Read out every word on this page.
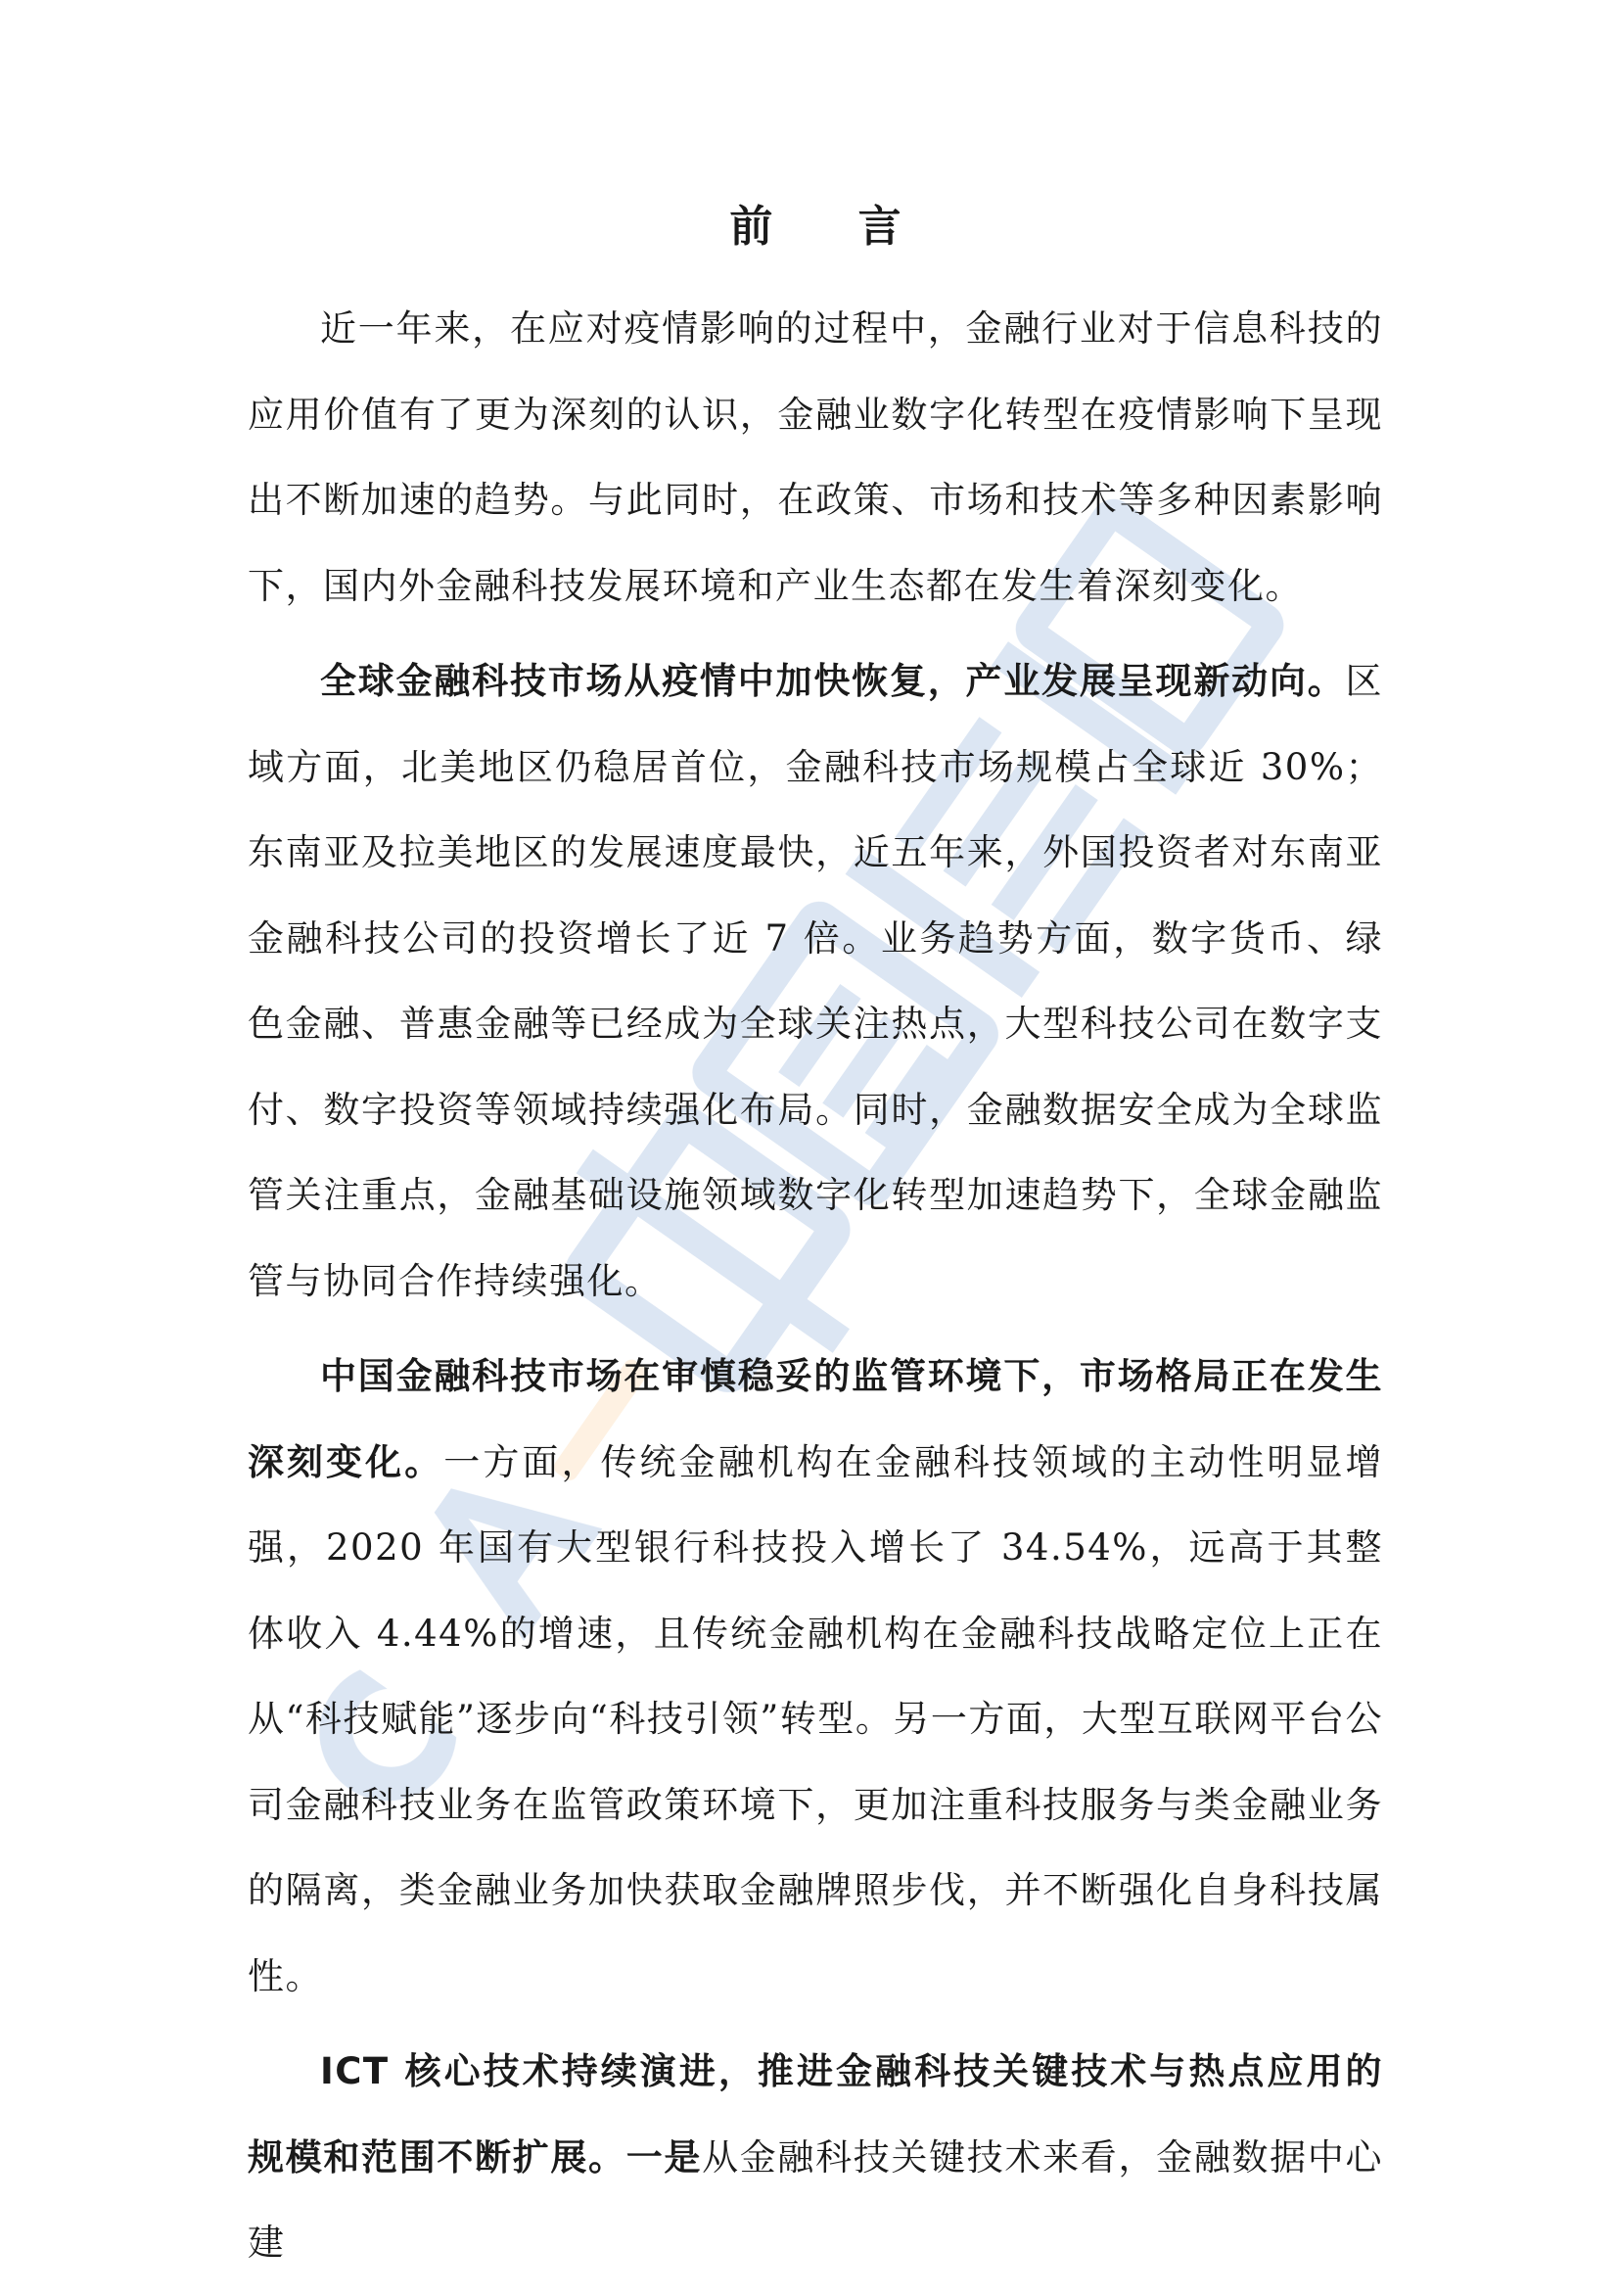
前 言

近一年来，在应对疫情影响的过程中，金融行业对于信息科技的应用价值有了更为深刻的认识，金融业数字化转型在疫情影响下呈现出不断加速的趋势。与此同时，在政策、市场和技术等多种因素影响下，国内外金融科技发展环境和产业生态都在发生着深刻变化。

全球金融科技市场从疫情中加快恢复，产业发展呈现新动向。区域方面，北美地区仍稳居首位，金融科技市场规模占全球近 30%；东南亚及拉美地区的发展速度最快，近五年来，外国投资者对东南亚金融科技公司的投资增长了近 7 倍。业务趋势方面，数字货币、绿色金融、普惠金融等已经成为全球关注热点，大型科技公司在数字支付、数字投资等领域持续强化布局。同时，金融数据安全成为全球监管关注重点，金融基础设施领域数字化转型加速趋势下，全球金融监管与协同合作持续强化。

中国金融科技市场在审慎稳妥的监管环境下，市场格局正在发生深刻变化。一方面，传统金融机构在金融科技领域的主动性明显增强，2020 年国有大型银行科技投入增长了 34.54%，远高于其整体收入 4.44%的增速，且传统金融机构在金融科技战略定位上正在从“科技赋能”逐步向“科技引领”转型。另一方面，大型互联网平台公司金融科技业务在监管政策环境下，更加注重科技服务与类金融业务的隔离，类金融业务加快获取金融牌照步伐，并不断强化自身科技属性。

ICT 核心技术持续演进，推进金融科技关键技术与热点应用的规模和范围不断扩展。一是从金融科技关键技术来看，金融数据中心建
